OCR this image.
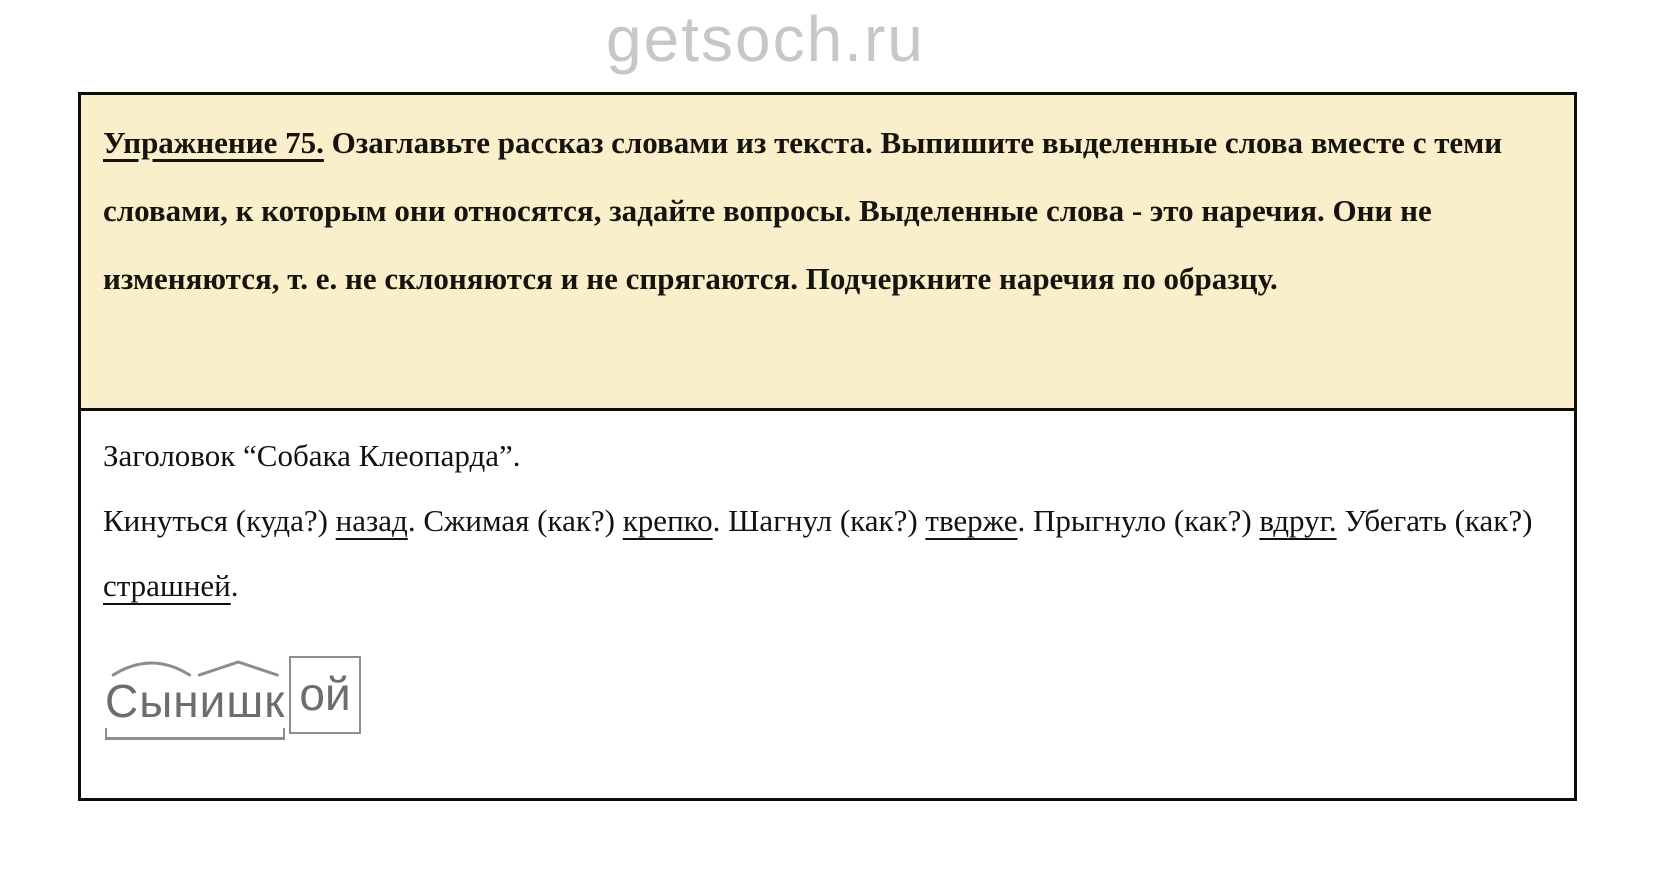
getsoch.ru

Упражнение 75. Озаглавьте рассказ словами из текста. Выпишите выделенные слова вместе с теми словами, к которым они относятся, задайте вопросы. Выделенные слова - это наречия. Они не изменяются, т. е. не склоняются и не спрягаются. Подчеркните наречия по образцу.

Заголовок “Собака Клеопарда”.

Кинуться (куда?) назад. Сжимая (как?) крепко. Шагнул (как?) тверже. Прыгнуло (как?) вдруг. Убегать (как?) страшней.

Сынишк ой
